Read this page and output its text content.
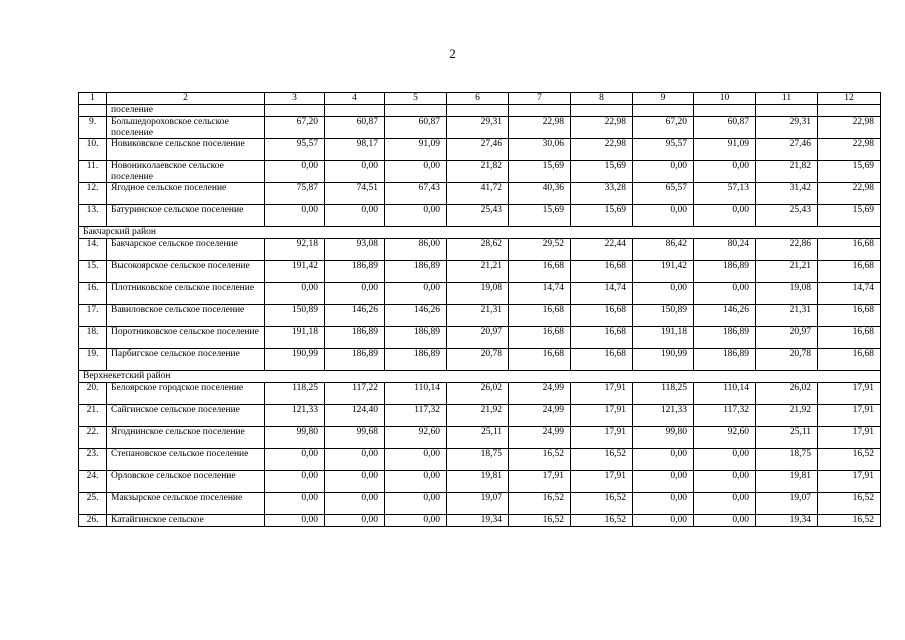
2
1	2	3	4	5	6	7	8	9	10	11	12
	поселение										
9.	Большедороховское сельское поселение	67,20	60,87	60,87	29,31	22,98	22,98	67,20	60,87	29,31	22,98
10.	Новиковское сельское поселение	95,57	98,17	91,09	27,46	30,06	22,98	95,57	91,09	27,46	22,98
11.	Новоникoлаевское сельское поселение	0,00	0,00	0,00	21,82	15,69	15,69	0,00	0,00	21,82	15,69
12.	Ягодное сельское поселение	75,87	74,51	67,43	41,72	40,36	33,28	65,57	57,13	31,42	22,98
13.	Батуринское сельское поселение	0,00	0,00	0,00	25,43	15,69	15,69	0,00	0,00	25,43	15,69
Бакчарский район											
14.	Бакчарское сельское поселение	92,18	93,08	86,00	28,62	29,52	22,44	86,42	80,24	22,86	16,68
15.	Высокоярское сельское поселение	191,42	186,89	186,89	21,21	16,68	16,68	191,42	186,89	21,21	16,68
16.	Плотниковское сельское поселение	0,00	0,00	0,00	19,08	14,74	14,74	0,00	0,00	19,08	14,74
17.	Вавиловское сельское поселение	150,89	146,26	146,26	21,31	16,68	16,68	150,89	146,26	21,31	16,68
18.	Поротниковское сельское поселение	191,18	186,89	186,89	20,97	16,68	16,68	191,18	186,89	20,97	16,68
19.	Парбигское сельское поселение	190,99	186,89	186,89	20,78	16,68	16,68	190,99	186,89	20,78	16,68
Верхнекетский район											
20.	Белоярское городское поселение	118,25	117,22	110,14	26,02	24,99	17,91	118,25	110,14	26,02	17,91
21.	Сайгинское сельское поселение	121,33	124,40	117,32	21,92	24,99	17,91	121,33	117,32	21,92	17,91
22.	Ягоднинское сельское поселение	99,80	99,68	92,60	25,11	24,99	17,91	99,80	92,60	25,11	17,91
23.	Степановское сельское поселение	0,00	0,00	0,00	18,75	16,52	16,52	0,00	0,00	18,75	16,52
24.	Орловское сельское поселение	0,00	0,00	0,00	19,81	17,91	17,91	0,00	0,00	19,81	17,91
25.	Макзырское сельское поселение	0,00	0,00	0,00	19,07	16,52	16,52	0,00	0,00	19,07	16,52
26.	Катайгинское сельское	0,00	0,00	0,00	19,34	16,52	16,52	0,00	0,00	19,34	16,52
